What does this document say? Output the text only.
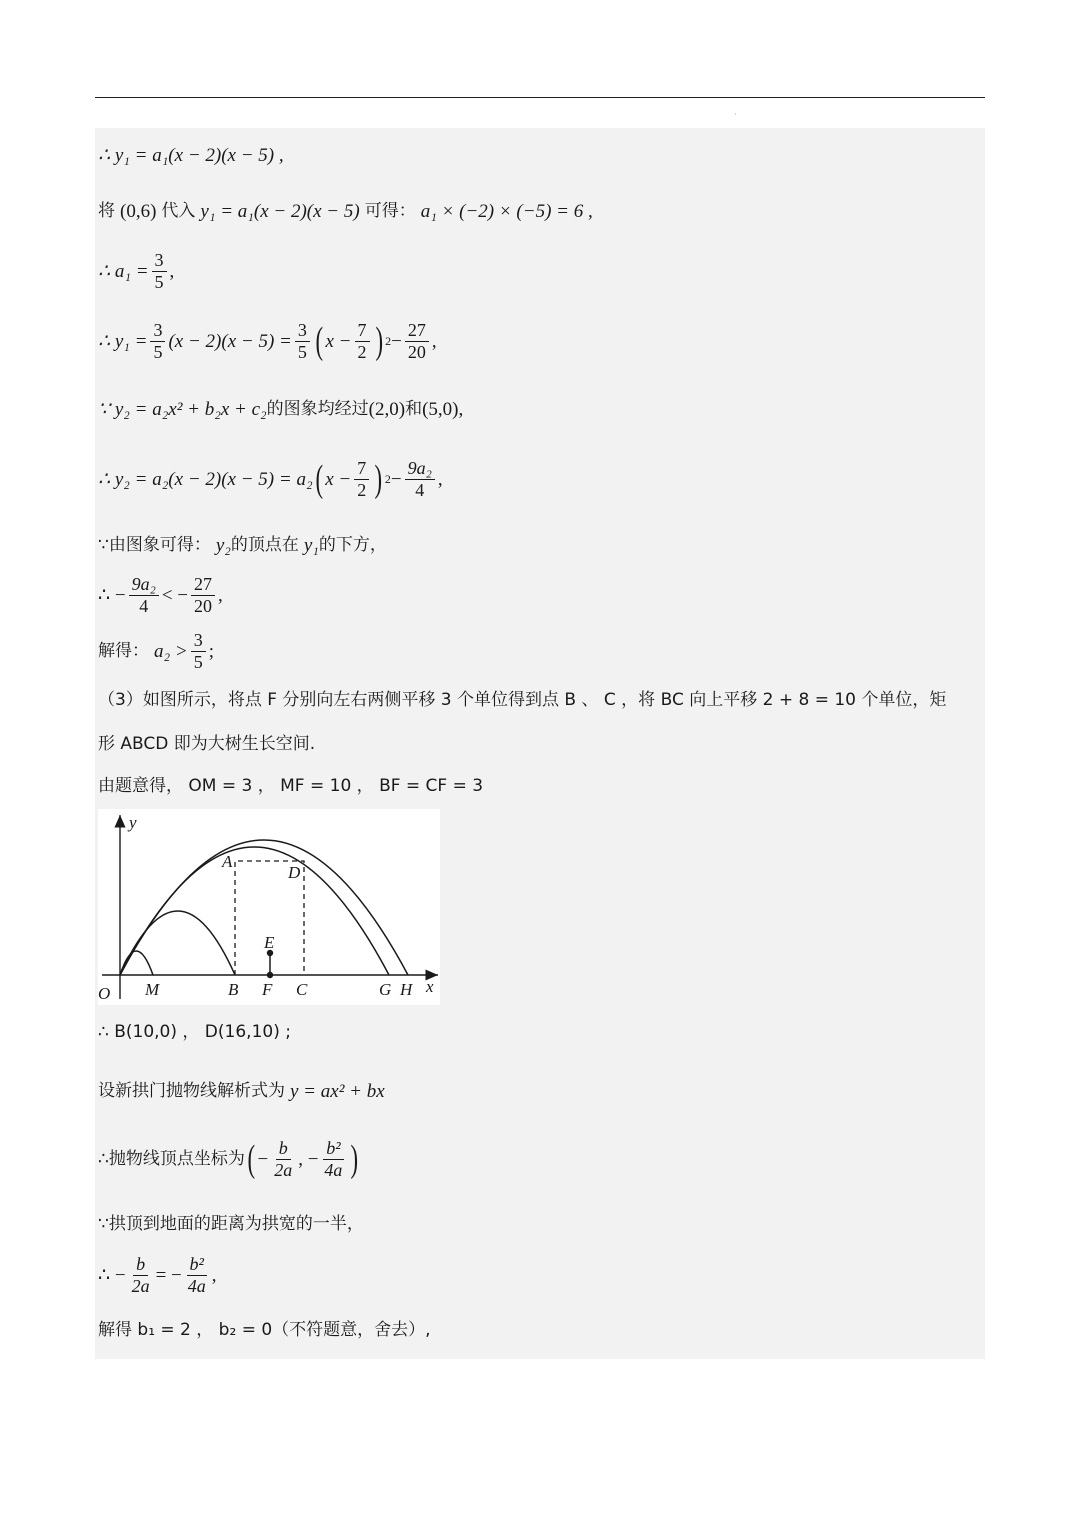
·
∴ y₁ = a₁(x − 2)(x − 5) ,
将 (0,6) 代入 y₁ = a₁(x − 2)(x − 5) 可得： a₁ × (−2) × (−5) = 6 ,
∴ $a_1 = \frac{3}{5}$ ,
∴ $y_1 = \frac{3}{5} (x - 2)(x - 5) = \frac{3}{5}$ ( $x - \frac{7}{2}$ ) $2 - \frac{27}{20}$ ,
∵ y₂ = a₂x² + b₂x + c₂ 的图象均经过 (2,0) 和 (5,0) ,
∴ y₂ = a₂(x − 2)(x − 5) = a₂ ( $x - \frac{7}{2}$ ) $2 - \frac{\text{9a₂}}{4}$ ,
∵由图象可得： y₂ 的顶点在 y₁ 的下方，
∴ − $\frac{\text{9a₂}}{4}$ < − $\frac{27}{20}$ ,
解得： $a_2 > \frac{3}{5}$ ;
（3）如图所示，将点 F 分别向左右两侧平移 3 个单位得到点 B 、 C ，将 BC 向上平移 2 + 8 = 10 个单位，矩
形 ABCD 即为大树生长空间.
由题意得， OM = 3 ， MF = 10 ， BF = CF = 3
y
x
O M	B F C	G H
A
D
E
∴ B(10,0) ， D(16,10) ;
设新拱门抛物线解析式为 y = ax² + bx
∴抛物线顶点坐标为 ( − $\frac{b}{2a}$ , − $\frac{\text{b²}}{4a}$ )
∵拱顶到地面的距离为拱宽的一半，
∴ − $\frac{b}{2a}$ = − $\frac{\text{b²}}{4a}$ ,
解得 b₁ = 2 ， b₂ = 0（不符题意，舍去）,
